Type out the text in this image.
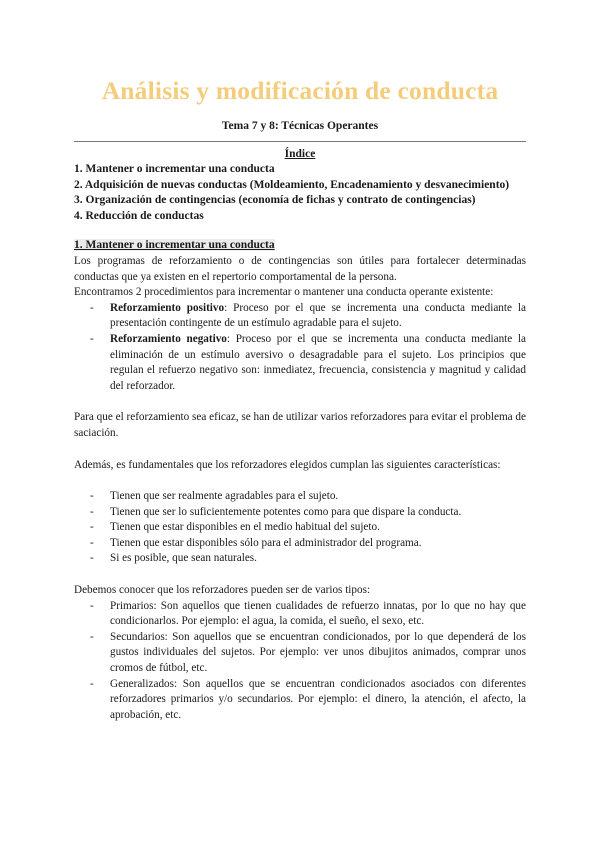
Análisis y modificación de conducta
Tema 7 y 8: Técnicas Operantes
Índice
1. Mantener o incrementar una conducta
2. Adquisición de nuevas conductas (Moldeamiento, Encadenamiento y desvanecimiento)
3. Organización de contingencias (economía de fichas y contrato de contingencias)
4. Reducción de conductas
1. Mantener o incrementar una conducta

Los programas de reforzamiento o de contingencias son útiles para fortalecer determinadas conductas que ya existen en el repertorio comportamental de la persona.

Encontramos 2 procedimientos para incrementar o mantener una conducta operante existente:

- Reforzamiento positivo: Proceso por el que se incrementa una conducta mediante la presentación contingente de un estímulo agradable para el sujeto.
- Reforzamiento negativo: Proceso por el que se incrementa una conducta mediante la eliminación de un estímulo aversivo o desagradable para el sujeto. Los principios que regulan el refuerzo negativo son: inmediatez, frecuencia, consistencia y magnitud y calidad del reforzador.

Para que el reforzamiento sea eficaz, se han de utilizar varios reforzadores para evitar el problema de saciación.

Además, es fundamentales que los reforzadores elegidos cumplan las siguientes características:

- Tienen que ser realmente agradables para el sujeto.
- Tienen que ser lo suficientemente potentes como para que dispare la conducta.
- Tienen que estar disponibles en el medio habitual del sujeto.
- Tienen que estar disponibles sólo para el administrador del programa.
- Si es posible, que sean naturales.

Debemos conocer que los reforzadores pueden ser de varios tipos:

- Primarios: Son aquellos que tienen cualidades de refuerzo innatas, por lo que no hay que condicionarlos. Por ejemplo: el agua, la comida, el sueño, el sexo, etc.
- Secundarios: Son aquellos que se encuentran condicionados, por lo que dependerá de los gustos individuales del sujetos. Por ejemplo: ver unos dibujitos animados, comprar unos cromos de fútbol, etc.
- Generalizados: Son aquellos que se encuentran condicionados asociados con diferentes reforzadores primarios y/o secundarios. Por ejemplo: el dinero, la atención, el afecto, la aprobación, etc.
